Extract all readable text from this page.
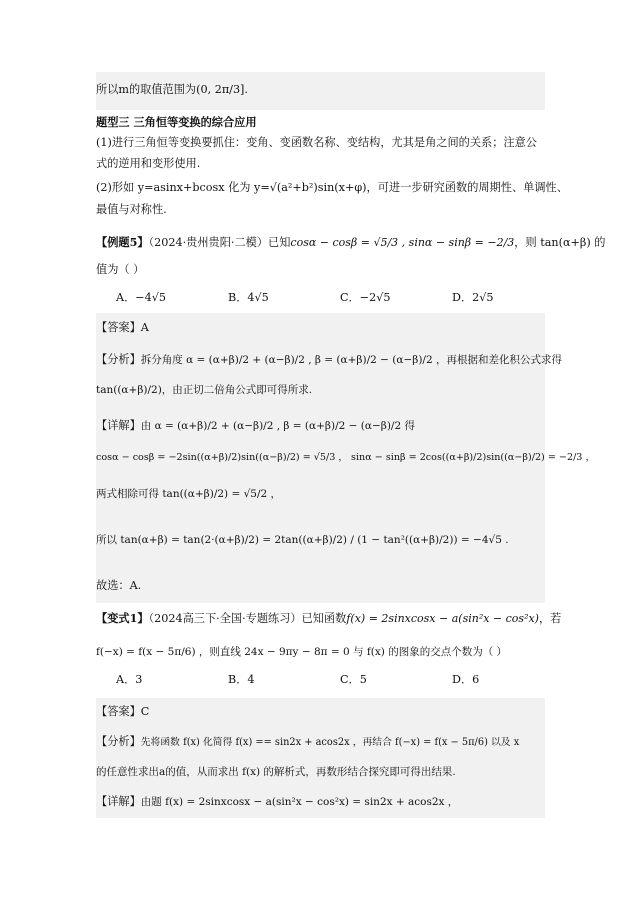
所以m的取值范围为(0, 2π/3].
题型三 三角恒等变换的综合应用
(1)进行三角恒等变换要抓住：变角、变函数名称、变结构，尤其是角之间的关系；注意公
式的逆用和变形使用.
(2)形如 y=asinx+bcosx 化为 y=√(a²+b²)sin(x+φ)，可进一步研究函数的周期性、单调性、
最值与对称性.
【例题5】（2024·贵州贵阳·二模）已知cosα − cosβ = √5/3 , sinα − sinβ = −2/3，则 tan(α+β) 的
值为（ ）
A．−4√5	B．4√5	C．−2√5	D．2√5
【答案】A
【分析】拆分角度 α = (α+β)/2 + (α−β)/2 , β = (α+β)/2 − (α−β)/2 ，再根据和差化积公式求得
tan((α+β)/2)，由正切二倍角公式即可得所求.
【详解】由 α = (α+β)/2 + (α−β)/2 , β = (α+β)/2 − (α−β)/2 得
cosα − cosβ = −2sin((α+β)/2)sin((α−β)/2) = √5/3 ， sinα − sinβ = 2cos((α+β)/2)sin((α−β)/2) = −2/3 ，
两式相除可得 tan((α+β)/2) = √5/2 ，
所以 tan(α+β) = tan(2·(α+β)/2) = 2tan((α+β)/2) / (1 − tan²((α+β)/2)) = −4√5 .
故选：A.
【变式1】（2024高三下·全国·专题练习）已知函数f(x) = 2sinxcosx − a(sin²x − cos²x)，若
f(−x) = f(x − 5π/6) ，则直线 24x − 9πy − 8π = 0 与 f(x) 的图象的交点个数为（ ）
A．3	B．4	C．5	D．6
【答案】C
【分析】先将函数 f(x) 化简得 f(x) == sin2x + acos2x ，再结合 f(−x) = f(x − 5π/6) 以及 x
的任意性求出a的值，从而求出 f(x) 的解析式，再数形结合探究即可得出结果.
【详解】由题 f(x) = 2sinxcosx − a(sin²x − cos²x) = sin2x + acos2x ，
